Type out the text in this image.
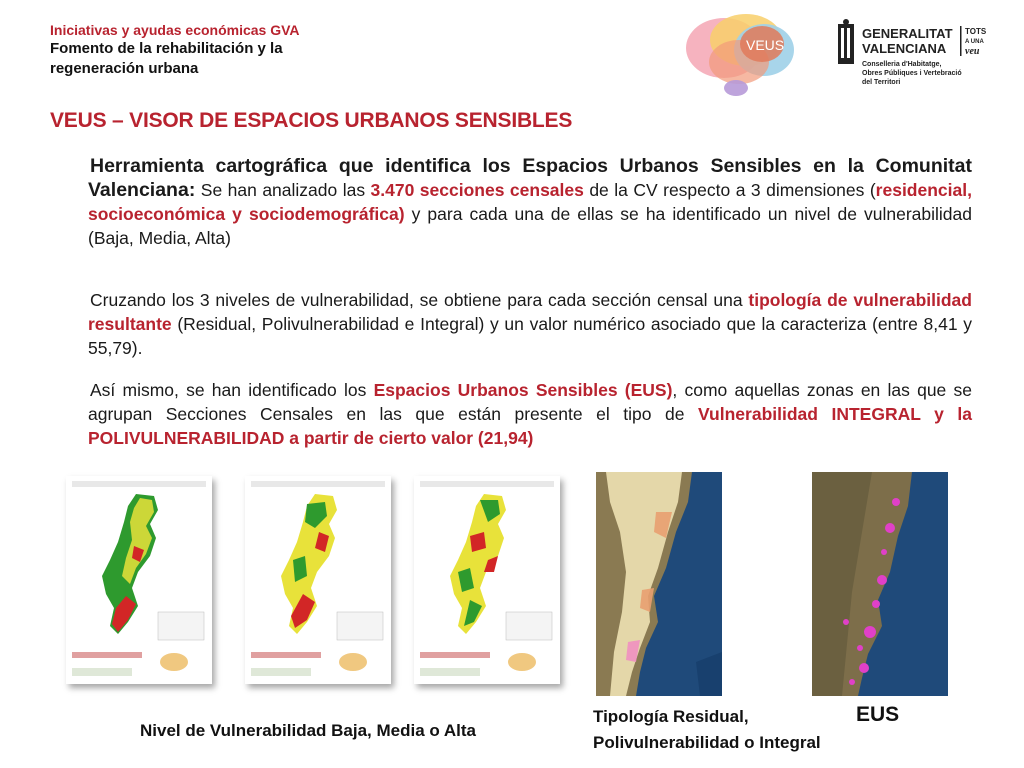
Iniciativas y ayudas económicas GVA
Fomento de la rehabilitación y la regeneración urbana
VEUS
GENERALITAT
VALENCIANA
TOTS
A UNA
veu
Conselleria d'Habitatge,
Obres Públiques i Vertebració
del Territori
VEUS – VISOR DE ESPACIOS URBANOS SENSIBLES
Herramienta cartográfica que identifica los Espacios Urbanos Sensibles en la Comunitat Valenciana: Se han analizado las 3.470 secciones censales de la CV respecto a 3 dimensiones (residencial, socioeconómica y sociodemográfica) y para cada una de ellas se ha identificado un nivel de vulnerabilidad (Baja, Media, Alta)
Cruzando los 3 niveles de vulnerabilidad, se obtiene para cada sección censal una tipología de vulnerabilidad resultante (Residual, Polivulnerabilidad e Integral) y un valor numérico asociado que la caracteriza (entre 8,41 y 55,79).
Así mismo, se han identificado los Espacios Urbanos Sensibles (EUS), como aquellas zonas en las que se agrupan Secciones Censales en las que están presente el tipo de Vulnerabilidad INTEGRAL y la POLIVULNERABILIDAD a partir de cierto valor (21,94)
Nivel de Vulnerabilidad Baja, Media o Alta
Tipología Residual, Polivulnerabilidad o Integral
EUS
